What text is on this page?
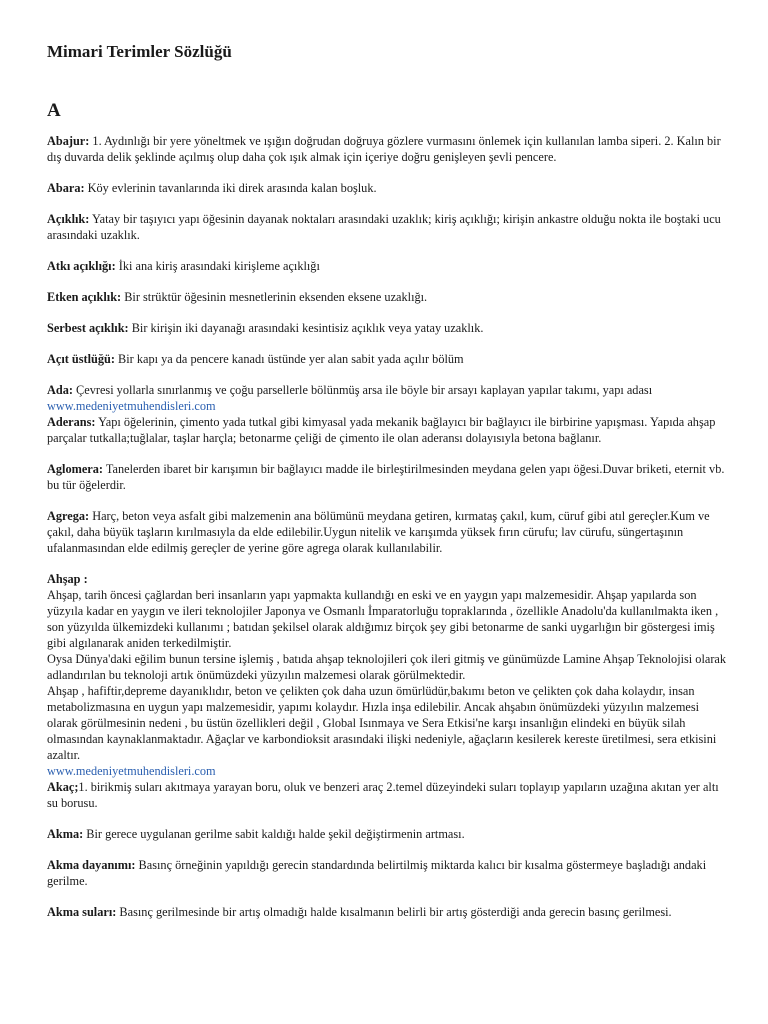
Mimari Terimler Sözlüğü
A
Abajur: 1. Aydınlığı bir yere yöneltmek ve ışığın doğrudan doğruya gözlere vurmasını önlemek için kullanılan lamba siperi. 2. Kalın bir dış duvarda delik şeklinde açılmış olup daha çok ışık almak için içeriye doğru genişleyen şevli pencere.
Abara: Köy evlerinin tavanlarında iki direk arasında kalan boşluk.
Açıklık: Yatay bir taşıyıcı yapı öğesinin dayanak noktaları arasındaki uzaklık; kiriş açıklığı; kirişin ankastre olduğu nokta ile boştaki ucu arasındaki uzaklık.
Atkı açıklığı: İki ana kiriş arasındaki kirişleme açıklığı
Etken açıklık: Bir strüktür öğesinin mesnetlerinin eksenden eksene uzaklığı.
Serbest açıklık: Bir kirişin iki dayanağı arasındaki kesintisiz açıklık veya yatay uzaklık.
Açıt üstlüğü: Bir kapı ya da pencere kanadı üstünde yer alan sabit yada açılır bölüm
Ada: Çevresi yollarla sınırlanmış ve çoğu parsellerle bölünmüş arsa ile böyle bir arsayı kaplayan yapılar takımı, yapı adası
www.medeniyetmuhendisleri.com
Aderans: Yapı öğelerinin, çimento yada tutkal gibi kimyasal yada mekanik bağlayıcı bir bağlayıcı ile birbirine yapışması. Yapıda ahşap parçalar tutkalla;tuğlalar, taşlar harçla; betonarme çeliği de çimento ile olan aderansı dolayısıyla betona bağlanır.
Aglomera: Tanelerden ibaret bir karışımın bir bağlayıcı madde ile birleştirilmesinden meydana gelen yapı öğesi.Duvar briketi, eternit vb. bu tür öğelerdir.
Agrega: Harç, beton veya asfalt gibi malzemenin ana bölümünü meydana getiren, kırmataş çakıl, kum, cüruf gibi atıl gereçler.Kum ve çakıl, daha büyük taşların kırılmasıyla da elde edilebilir.Uygun nitelik ve karışımda yüksek fırın cürufu; lav cürufu, süngertaşının ufalanmasından elde edilmiş gereçler de yerine göre agrega olarak kullanılabilir.
Ahşap :

Ahşap, tarih öncesi çağlardan beri insanların yapı yapmakta kullandığı en eski ve en yaygın yapı malzemesidir. Ahşap yapılarda son yüzyıla kadar en yaygın ve ileri teknolojiler Japonya ve Osmanlı İmparatorluğu topraklarında , özellikle Anadolu'da kullanılmakta iken , son yüzyılda ülkemizdeki kullanımı ; batıdan şekilsel olarak aldığımız birçok şey gibi betonarme de sanki uygarlığın bir göstergesi imiş gibi algılanarak aniden terkedilmiştir.

Oysa Dünya'daki eğilim bunun tersine işlemiş , batıda ahşap teknolojileri çok ileri gitmiş ve günümüzde Lamine Ahşap Teknolojisi olarak adlandırılan bu teknoloji artık önümüzdeki yüzyılın malzemesi olarak görülmektedir.

Ahşap , hafiftir,depreme dayanıklıdır, beton ve çelikten çok daha uzun ömürlüdür,bakımı beton ve çelikten çok daha kolaydır, insan metabolizmasına en uygun yapı malzemesidir, yapımı kolaydır. Hızla inşa edilebilir. Ancak ahşabın önümüzdeki yüzyılın malzemesi olarak görülmesinin nedeni , bu üstün özellikleri değil , Global Isınmaya ve Sera Etkisi'ne karşı insanlığın elindeki en büyük silah olmasından kaynaklanmaktadır. Ağaçlar ve karbondioksit arasındaki ilişki nedeniyle, ağaçların kesilerek kereste üretilmesi, sera etkisini azaltır.

www.medeniyetmuhendisleri.com
Akaç;1. birikmiş suları akıtmaya yarayan boru, oluk ve benzeri araç 2.temel düzeyindeki suları toplayıp yapıların uzağına akıtan yer altı su borusu.
Akma: Bir gerece uygulanan gerilme sabit kaldığı halde şekil değiştirmenin artması.
Akma dayanımı: Basınç örneğinin yapıldığı gerecin standardında belirtilmiş miktarda kalıcı bir kısalma göstermeye başladığı andaki gerilme.
Akma suları: Basınç gerilmesinde bir artış olmadığı halde kısalmanın belirli bir artış gösterdiği anda gerecin basınç gerilmesi.
